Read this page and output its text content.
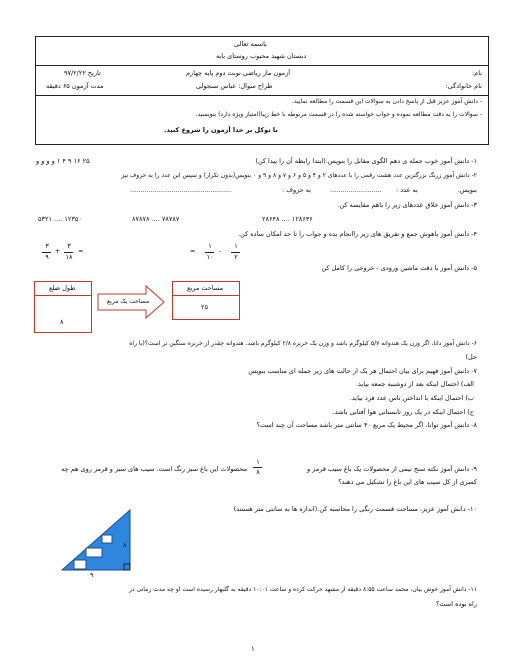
باسمه تعالی
دبستان شهید محبوب روستای بابه
نام:
آزمون ماز ریاضی نوبت دوم پایه چهارم
تاریخ ۹۷/۲/۲۲
نام خانوادگی:
طراح سوال: عباس سنجولی
مدت آزمون ۶۵ دقیقه
- دانش آموز عزیز قبل از پاسخ دادن به سوالات این قسمت را مطالعه نمایید.
- سوالات را به دقت مطالعه نموده و جواب خواسته شده را در قسمت مربوطه با خط زیبا(امتیاز ویژه دارد) بنویسید.
با توکل بر خدا آزمون را شروع کنید.
۱- دانش آموز خوب جمله ی دهم الگوی مقابل را بنویس.(ابتدا رابطه آن را پیدا کن)
۲۵ ۱۶ ۹ ۴ ۱ و و و و
۲- دانش آموز زرنگ بزرگترین عدد هشت رقمی را با عددهای ۲ و ۴ و ۵ و ۶ و ۷ و ۸ و ۹ و ۰ بنویس(بدون تکرار) و سپس این عدد را به حروف نیز
بنویس.
به عدد :
.........................
به حروف :
.................................................
۳- دانش آموز خلاق عددهای زیر را باهم مقایسه کن.
۲۸۶۴۸ .... ۱۲۸۶۴۶
۸۷۸۷۸ .... ۷۸۷۸۷
۵۳۲۱ .... ۱۲۳۵۰
۴- دانش آموز باهوش جمع و تفریق های زیر راانجام بده و جواب را تا حد امکان ساده کن.
۱
۲
-
۱
۱۰
=
۳
۹
+
۳
۱۸
=
۵- دانش آموز با دقت ماشین ورودی - خروجی را کامل کن
طول ضلع
۸
مساحت یک مربع
مساحت مربع
۲۵
۶- دانش آموز دانا، اگر وزن یک هندوانه ۵/۷ کیلوگرم باشد و وزن یک خربزه ۲/۸ کیلوگرم باشد. هندوانه چقدر از خربزه سنگین تر است؟(با راه
حل)
۷- دانش آموز فهیم برای بیان احتمال هر یک از حالت های زیر جمله ای مناسب بنویس
الف) احتمال اینکه بعد از دوشنبه جمعه بیاید.
ب) احتمال اینکه با انداختن تاس عدد فرد بیاید.
ج) احتمال اینکه در یک روز تابستانی هوا آفتابی باشد.
۸- دانش آموز توانا، اگر محیط یک مربع ۴۰ سانتی متر باشد مساحت آن چند است؟
۹- دانش آموز نکته سنج نیمی از محصولات یک باغ سیب قرمز و
۱
۸
محصولات این باغ سبز رنگ است. سیب های سبز و قرمز روی هم چه
کسری از کل سیب های این باغ را تشکیل می دهند؟
۱۰- دانش آموز عزیز، مساحت قسمت رنگی را محاسبه کن.(اندازه ها به سانتی متر هستند)
۸
۹
۱۱- دانش آموز خوش بیان، محمد ساعت ۸:۵۵ دقیقه از مشهد حرکت کرده و ساعت ۱۰:۰۱ دقیقه به گلبهار رسیده است او چه مدت زمانی در
راه بوده است؟
۱
